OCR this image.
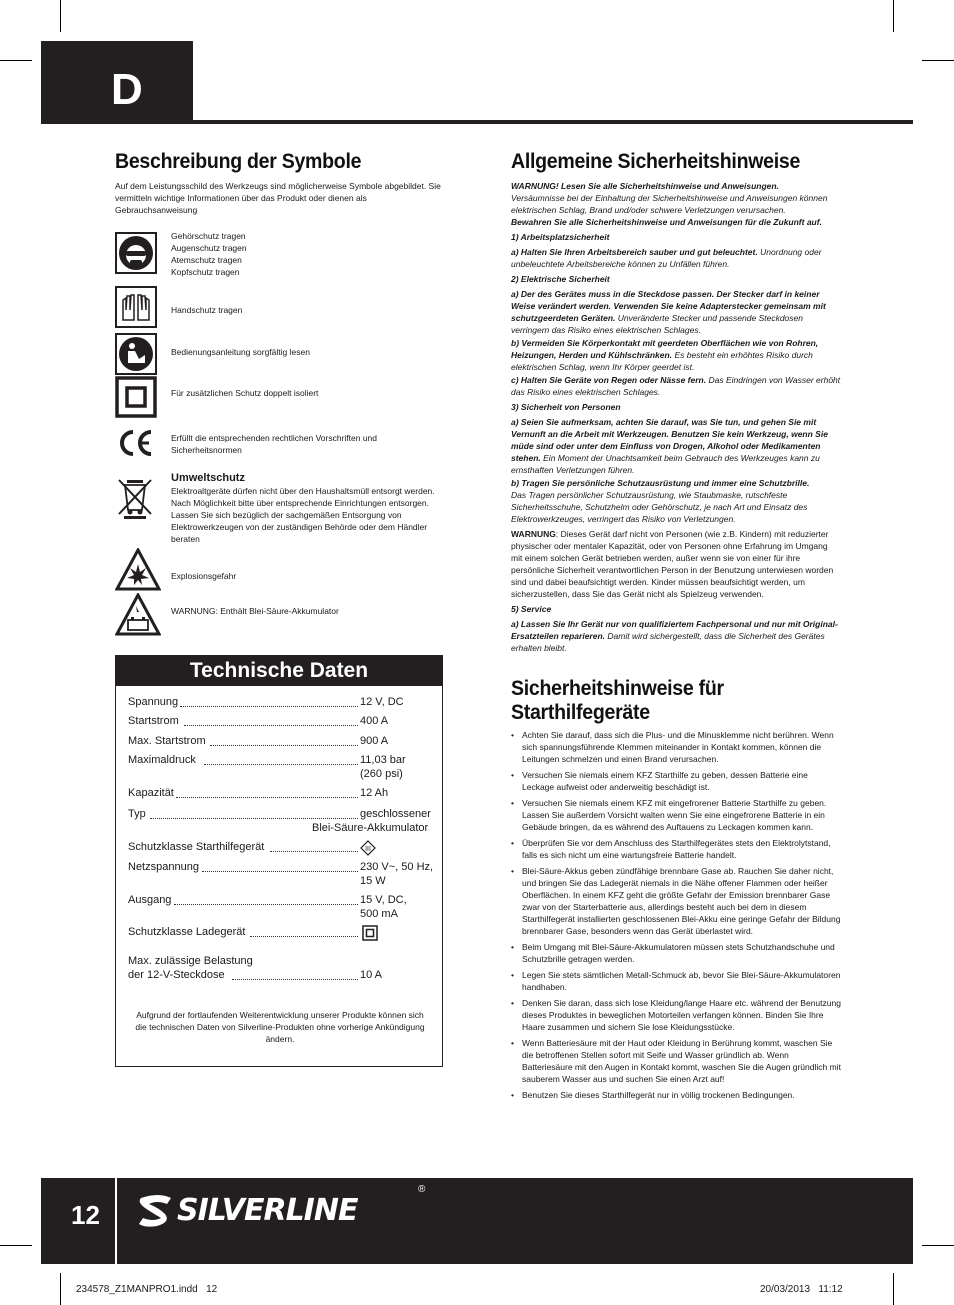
D
Beschreibung der Symbole
Auf dem Leistungsschild des Werkzeugs sind möglicherweise Symbole abgebildet. Sie vermitteln wichtige Informationen über das Produkt oder dienen als Gebrauchsanweisung
Gehörschutz tragen
Augenschutz tragen
Atemschutz tragen
Kopfschutz tragen
Handschutz tragen
Bedienungsanleitung sorgfältig lesen
Für zusätzlichen Schutz doppelt isoliert
Erfüllt die entsprechenden rechtlichen Vorschriften und Sicherheitsnormen
Umweltschutz
Elektroaltgeräte dürfen nicht über den Haushaltsmüll entsorgt werden. Nach Möglichkeit bitte über entsprechende Einrichtungen entsorgen. Lassen Sie sich bezüglich der sachgemäßen Entsorgung von Elektrowerkzeugen von der zuständigen Behörde oder dem Händler beraten
Explosionsgefahr
WARNUNG: Enthält Blei-Säure-Akkumulator
Technische Daten
Spannung	12 V, DC
Startstrom	400 A
Max. Startstrom	900 A
Maximaldruck	11,03 bar
(260 psi)
Kapazität	12 Ah
Typ	geschlossener
Blei-Säure-Akkumulator
Schutzklasse Starthilfegerät	III
Netzspannung	230 V~, 50 Hz,
15 W
Ausgang	15 V, DC,
500 mA
Schutzklasse Ladegerät
Max. zulässige Belastung
der 12-V-Steckdose	10 A
Aufgrund der fortlaufenden Weiterentwicklung unserer Produkte können sich die technischen Daten von Silverline-Produkten ohne vorherige Ankündigung ändern.
Allgemeine Sicherheitshinweise

WARNUNG! Lesen Sie alle Sicherheitshinweise und Anweisungen.
Versäumnisse bei der Einhaltung der Sicherheitshinweise und Anweisungen können elektrischen Schlag, Brand und/oder schwere Verletzungen verursachen.

Bewahren Sie alle Sicherheitshinweise und Anweisungen für die Zukunft auf.

1) Arbeitsplatzsicherheit

a) Halten Sie Ihren Arbeitsbereich sauber und gut beleuchtet. Unordnung oder unbeleuchtete Arbeitsbereiche können zu Unfällen führen.

2) Elektrische Sicherheit

a) Der des Gerätes muss in die Steckdose passen. Der Stecker darf in keiner Weise verändert werden. Verwenden Sie keine Adapterstecker gemeinsam mit schutzgeerdeten Geräten. Unveränderte Stecker und passende Steckdosen verringern das Risiko eines elektrischen Schlages.

b) Vermeiden Sie Körperkontakt mit geerdeten Oberflächen wie von Rohren, Heizungen, Herden und Kühlschränken. Es besteht ein erhöhtes Risiko durch elektrischen Schlag, wenn Ihr Körper geerdet ist.

c) Halten Sie Geräte von Regen oder Nässe fern. Das Eindringen von Wasser erhöht das Risiko eines elektrischen Schlages.

3) Sicherheit von Personen

a) Seien Sie aufmerksam, achten Sie darauf, was Sie tun, und gehen Sie mit Vernunft an die Arbeit mit Werkzeugen. Benutzen Sie kein Werkzeug, wenn Sie müde sind oder unter dem Einfluss von Drogen, Alkohol oder Medikamenten stehen. Ein Moment der Unachtsamkeit beim Gebrauch des Werkzeuges kann zu ernsthaften Verletzungen führen.

b) Tragen Sie persönliche Schutzausrüstung und immer eine Schutzbrille.
Das Tragen persönlicher Schutzausrüstung, wie Staubmaske, rutschfeste Sicherheitsschuhe, Schutzhelm oder Gehörschutz, je nach Art und Einsatz des Elektrowerkzeuges, verringert das Risiko von Verletzungen.

WARNUNG: Dieses Gerät darf nicht von Personen (wie z.B. Kindern) mit reduzierter physischer oder mentaler Kapazität, oder von Personen ohne Erfahrung im Umgang mit einem solchen Gerät betrieben werden, außer wenn sie von einer für ihre persönliche Sicherheit verantwortlichen Person in der Benutzung unterwiesen worden sind und dabei beaufsichtigt werden. Kinder müssen beaufsichtigt werden, um sicherzustellen, dass Sie das Gerät nicht als Spielzeug verwenden.

5) Service

a) Lassen Sie Ihr Gerät nur von qualifiziertem Fachpersonal und nur mit Original-Ersatzteilen reparieren. Damit wird sichergestellt, dass die Sicherheit des Gerätes erhalten bleibt.

Sicherheitshinweise für
Starthilfegeräte
• Achten Sie darauf, dass sich die Plus- und die Minusklemme nicht berühren. Wenn sich spannungsführende Klemmen miteinander in Kontakt kommen, können die Leitungen schmelzen und einen Brand verursachen.
• Versuchen Sie niemals einem KFZ Starthilfe zu geben, dessen Batterie eine Leckage aufweist oder anderweitig beschädigt ist.
• Versuchen Sie niemals einem KFZ mit eingefrorener Batterie Starthilfe zu geben. Lassen Sie außerdem Vorsicht walten wenn Sie eine eingefrorene Batterie in ein Gebäude bringen, da es während des Auftauens zu Leckagen kommen kann.
• Überprüfen Sie vor dem Anschluss des Starthilfegerätes stets den Elektrolytstand, falls es sich nicht um eine wartungsfreie Batterie handelt.
• Blei-Säure-Akkus geben zündfähige brennbare Gase ab. Rauchen Sie daher nicht, und bringen Sie das Ladegerät niemals in die Nähe offener Flammen oder heißer Oberflächen. In einem KFZ geht die größte Gefahr der Emission brennbarer Gase zwar von der Starterbatterie aus, allerdings besteht auch bei dem in diesem Starthilfegerät installierten geschlossenen Blei-Akku eine geringe Gefahr der Bildung brennbarer Gase, besonders wenn das Gerät überlastet wird.
• Beim Umgang mit Blei-Säure-Akkumulatoren müssen stets Schutzhandschuhe und Schutzbrille getragen werden.
• Legen Sie stets sämtlichen Metall-Schmuck ab, bevor Sie Blei-Säure-Akkumulatoren handhaben.
• Denken Sie daran, dass sich lose Kleidung/lange Haare etc. während der Benutzung dieses Produktes in beweglichen Motorteilen verfangen können. Binden Sie Ihre Haare zusammen und sichern Sie lose Kleidungsstücke.
• Wenn Batteriesäure mit der Haut oder Kleidung in Berührung kommt, waschen Sie die betroffenen Stellen sofort mit Seife und Wasser gründlich ab. Wenn Batteriesäure mit den Augen in Kontakt kommt, waschen Sie die Augen gründlich mit sauberem Wasser aus und suchen Sie einen Arzt auf!
• Benutzen Sie dieses Starthilfegerät nur in völlig trockenen Bedingungen.
12	SILVERLINE
®
234578_Z1MANPRO1.indd   12	20/03/2013   11:12
